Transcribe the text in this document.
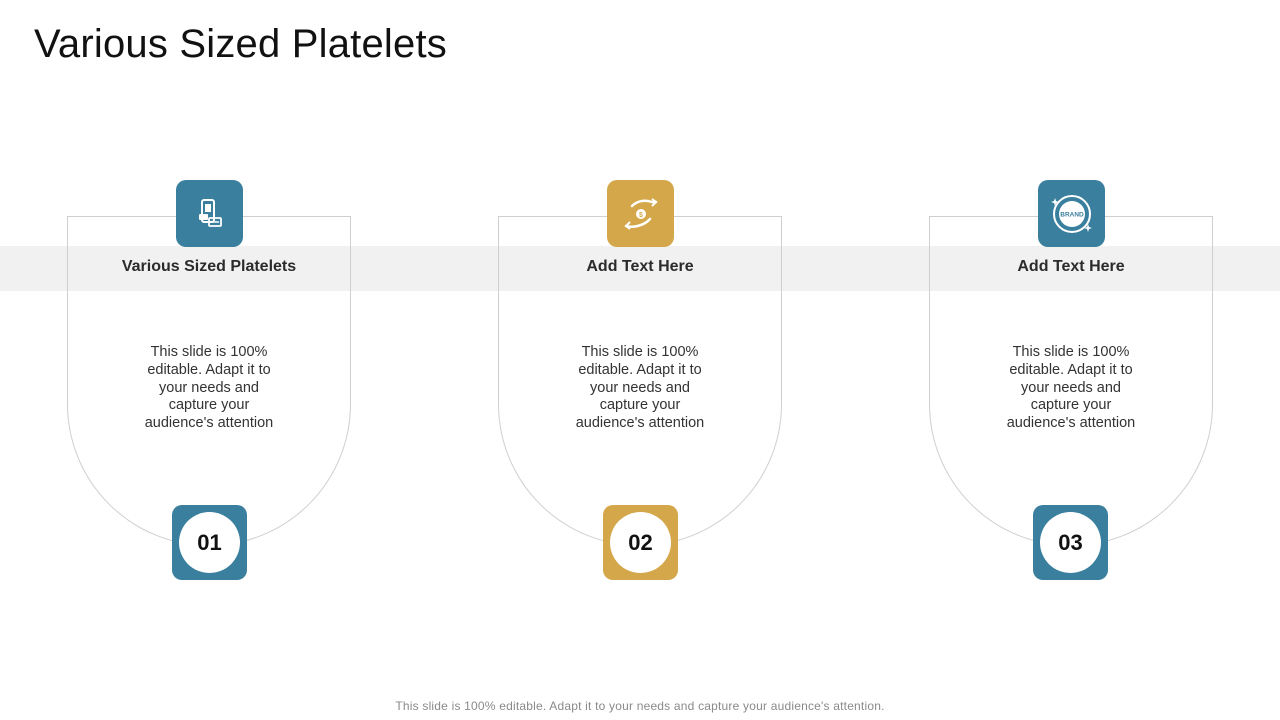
Various Sized Platelets
Various Sized Platelets
This slide is 100% editable. Adapt it to your needs and capture your audience's attention
01
$
Add Text Here
This slide is 100% editable. Adapt it to your needs and capture your audience's attention
02
BRAND
Add Text Here
This slide is 100% editable. Adapt it to your needs and capture your audience's attention
03
This slide is 100% editable. Adapt it to your needs and capture your audience's attention.
